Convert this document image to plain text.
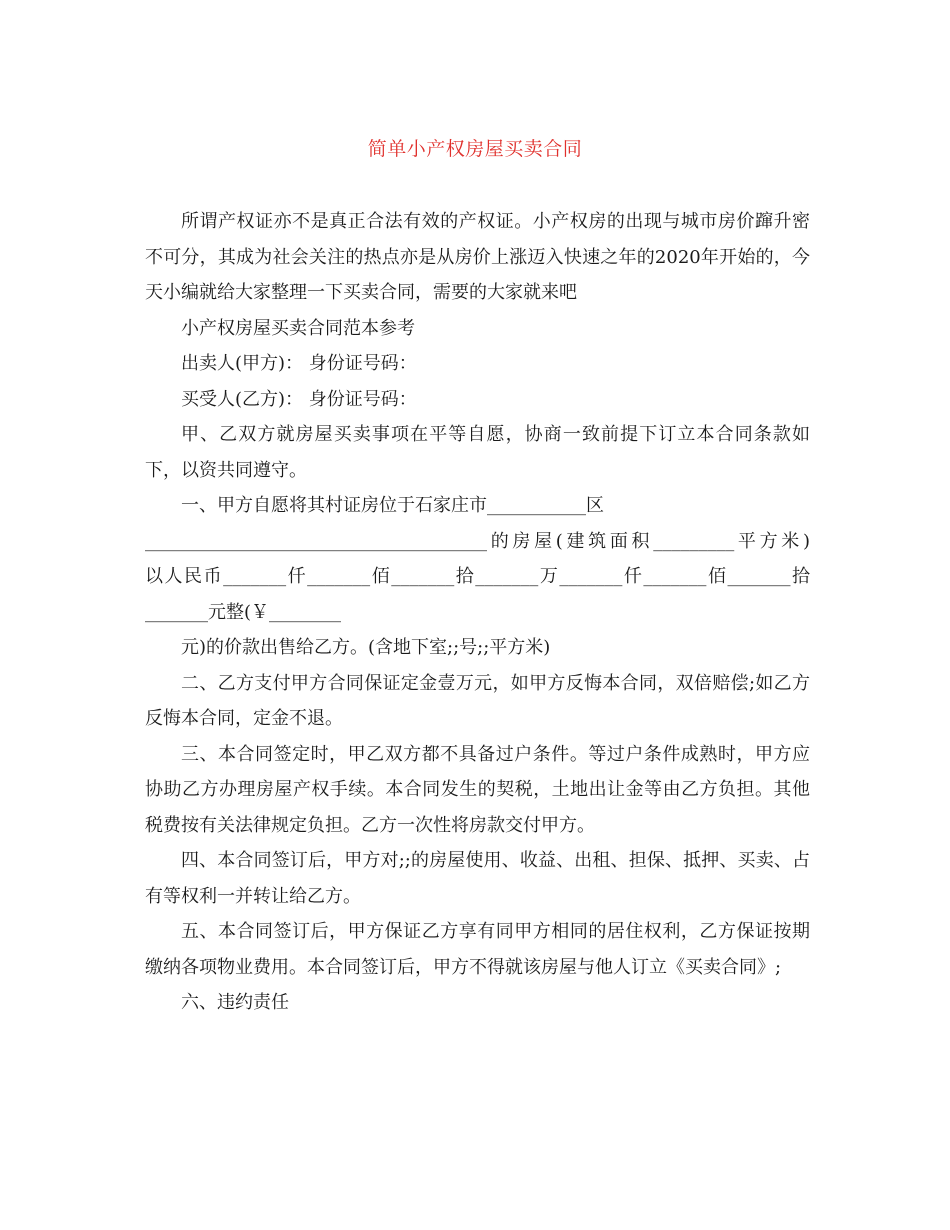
简单小产权房屋买卖合同

所谓产权证亦不是真正合法有效的产权证。小产权房的出现与城市房价蹿升密不可分，其成为社会关注的热点亦是从房价上涨迈入快速之年的2020年开始的，今天小编就给大家整理一下买卖合同，需要的大家就来吧

小产权房屋买卖合同范本参考

出卖人(甲方)： 身份证号码：

买受人(乙方)： 身份证号码：

甲、乙双方就房屋买卖事项在平等自愿，协商一致前提下订立本合同条款如下，以资共同遵守。

一、甲方自愿将其村证房位于石家庄市___________区

______________________________________的房屋(建筑面积_________平方米)

以人民币_______仟_______佰_______拾_______万_______仟_______佰_______拾

_______元整(￥________

元)的价款出售给乙方。(含地下室;;号;;平方米)

二、乙方支付甲方合同保证定金壹万元，如甲方反悔本合同，双倍赔偿;如乙方反悔本合同，定金不退。

三、本合同签定时，甲乙双方都不具备过户条件。等过户条件成熟时，甲方应协助乙方办理房屋产权手续。本合同发生的契税，土地出让金等由乙方负担。其他税费按有关法律规定负担。乙方一次性将房款交付甲方。

四、本合同签订后，甲方对;;的房屋使用、收益、出租、担保、抵押、买卖、占有等权利一并转让给乙方。

五、本合同签订后，甲方保证乙方享有同甲方相同的居住权利，乙方保证按期缴纳各项物业费用。本合同签订后，甲方不得就该房屋与他人订立《买卖合同》;

六、违约责任
